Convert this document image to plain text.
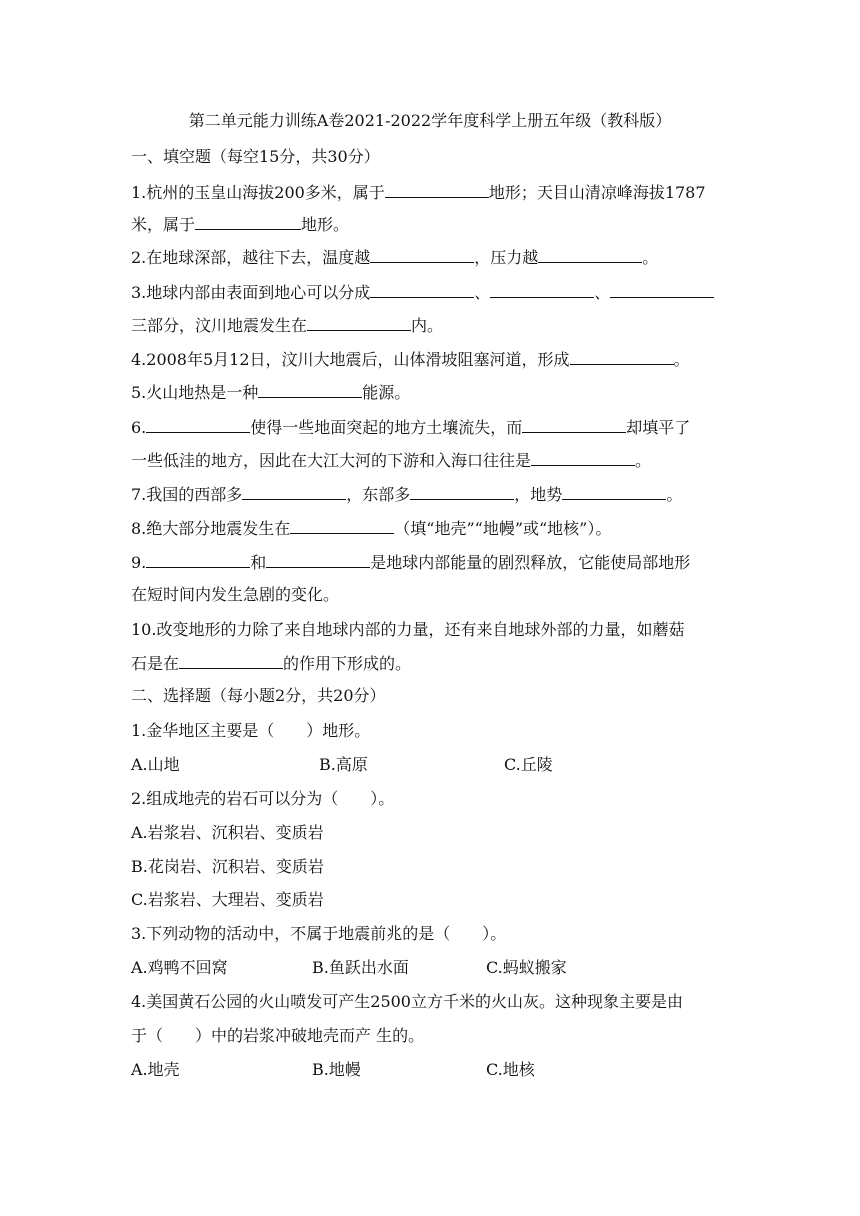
第二单元能力训练A卷2021-2022学年度科学上册五年级（教科版）
一、填空题（每空15分，共30分）
1.杭州的玉皇山海拔200多米，属于	地形；天目山清凉峰海拔1787
米，属于	地形。
2.在地球深部，越往下去，温度越	，压力越	。
3.地球内部由表面到地心可以分成	、	、
三部分，汶川地震发生在	内。
4.2008年5月12日，汶川大地震后，山体滑坡阻塞河道，形成	。
5.火山地热是一种	能源。
6.	使得一些地面突起的地方土壤流失，而	却填平了
一些低洼的地方，因此在大江大河的下游和入海口往往是	。
7.我国的西部多	，东部多	，地势	。
8.绝大部分地震发生在	（填“地壳”“地幔”或“地核”）。
9.	和	是地球内部能量的剧烈释放，它能使局部地形
在短时间内发生急剧的变化。
10.改变地形的力除了来自地球内部的力量，还有来自地球外部的力量，如蘑菇
石是在	的作用下形成的。
二、选择题（每小题2分，共20分）
1.金华地区主要是（　　）地形。
A.山地	B.高原	C.丘陵
2.组成地壳的岩石可以分为（　　）。
A.岩浆岩、沉积岩、变质岩
B.花岗岩、沉积岩、变质岩
C.岩浆岩、大理岩、变质岩
3.下列动物的活动中，不属于地震前兆的是（　　）。
A.鸡鸭不回窝	B.鱼跃出水面	C.蚂蚁搬家
4.美国黄石公园的火山喷发可产生2500立方千米的火山灰。这种现象主要是由
于（　　）中的岩浆冲破地壳而产 生的。
A.地壳	B.地幔	C.地核
